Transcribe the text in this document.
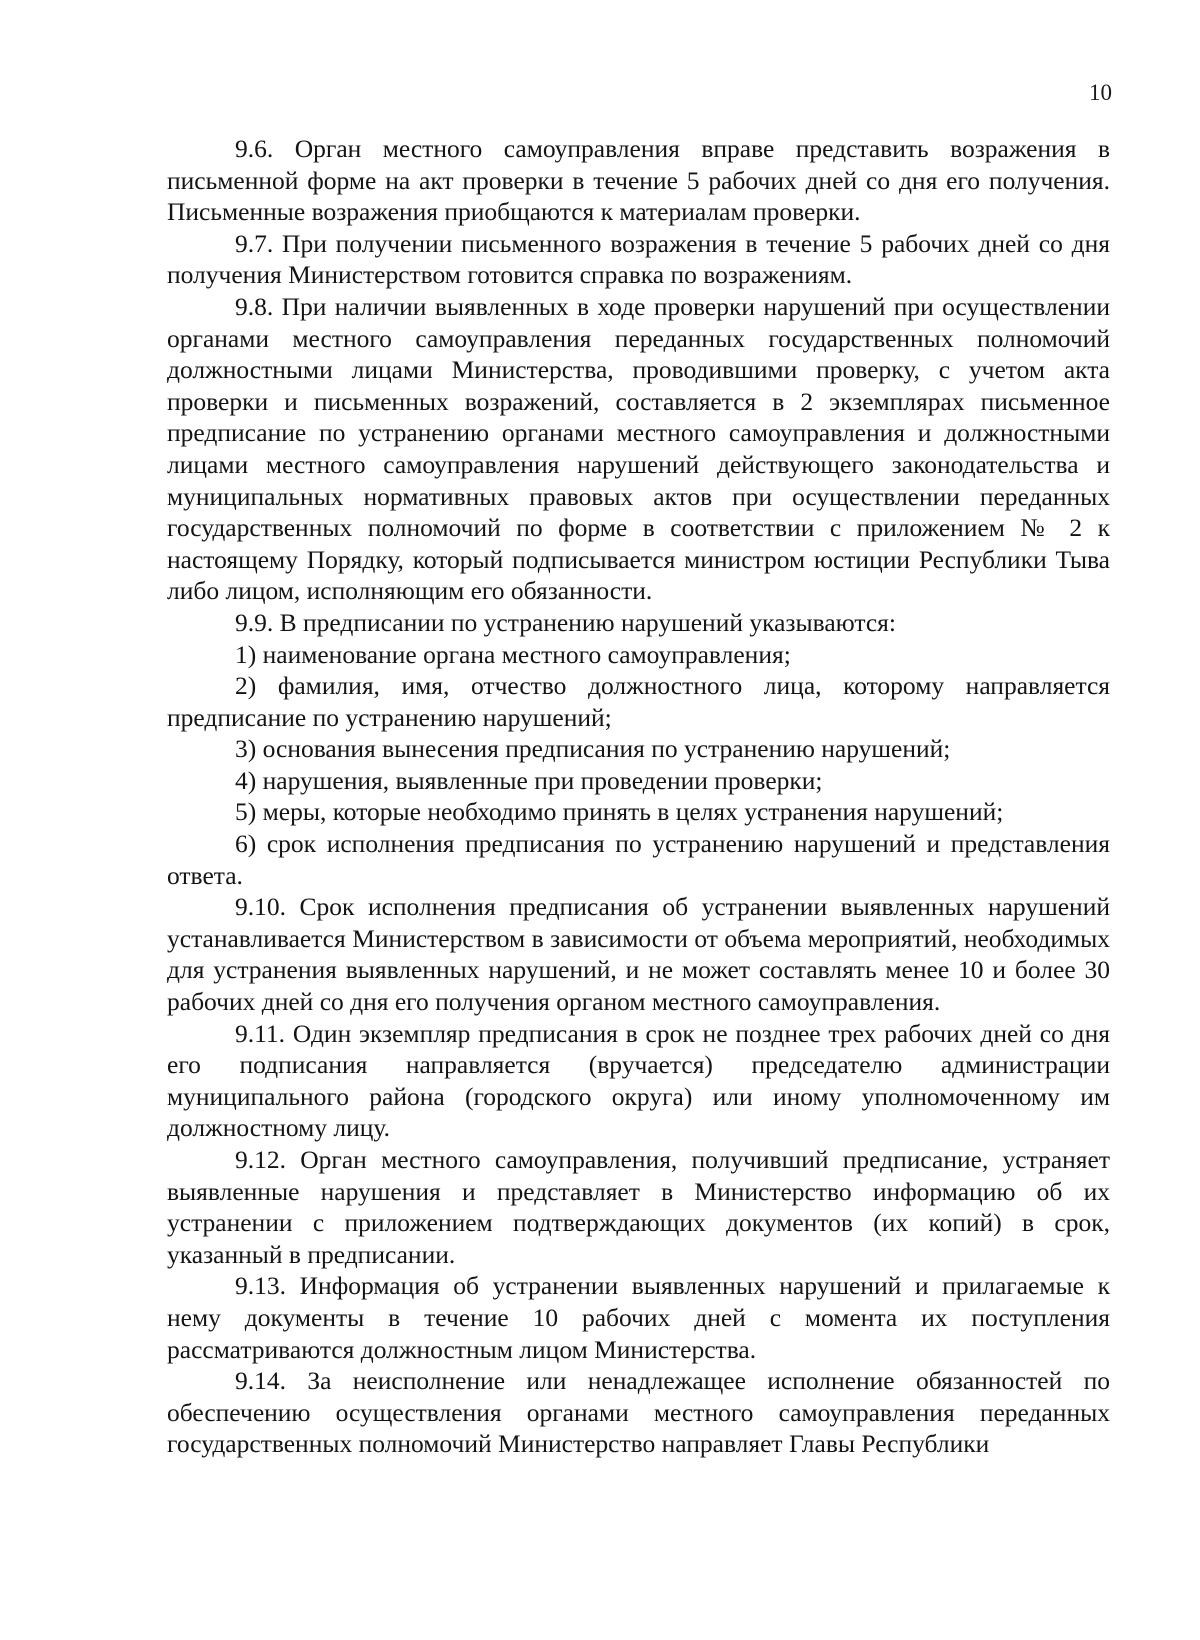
10

9.6. Орган местного самоуправления вправе представить возражения в письменной форме на акт проверки в течение 5 рабочих дней со дня его получения. Письменные возражения приобщаются к материалам проверки.

9.7. При получении письменного возражения в течение 5 рабочих дней со дня получения Министерством готовится справка по возражениям.

9.8. При наличии выявленных в ходе проверки нарушений при осуществлении органами местного самоуправления переданных государственных полномочий должностными лицами Министерства, проводившими проверку, с учетом акта проверки и письменных возражений, составляется в 2 экземплярах письменное предписание по устранению органами местного самоуправления и должностными лицами местного самоуправления нарушений действующего законодательства и муниципальных нормативных правовых актов при осуществлении переданных государственных полномочий по форме в соответствии с приложением № 2 к настоящему Порядку, который подписывается министром юстиции Республики Тыва либо лицом, исполняющим его обязанности.

9.9. В предписании по устранению нарушений указываются:

1) наименование органа местного самоуправления;

2) фамилия, имя, отчество должностного лица, которому направляется предписание по устранению нарушений;

3) основания вынесения предписания по устранению нарушений;

4) нарушения, выявленные при проведении проверки;

5) меры, которые необходимо принять в целях устранения нарушений;

6) срок исполнения предписания по устранению нарушений и представления ответа.

9.10. Срок исполнения предписания об устранении выявленных нарушений устанавливается Министерством в зависимости от объема мероприятий, необходимых для устранения выявленных нарушений, и не может составлять менее 10 и более 30 рабочих дней со дня его получения органом местного самоуправления.

9.11. Один экземпляр предписания в срок не позднее трех рабочих дней со дня его подписания направляется (вручается) председателю администрации муниципального района (городского округа) или иному уполномоченному им должностному лицу.

9.12. Орган местного самоуправления, получивший предписание, устраняет выявленные нарушения и представляет в Министерство информацию об их устранении с приложением подтверждающих документов (их копий) в срок, указанный в предписании.

9.13. Информация об устранении выявленных нарушений и прилагаемые к нему документы в течение 10 рабочих дней с момента их поступления рассматриваются должностным лицом Министерства.

9.14. За неисполнение или ненадлежащее исполнение обязанностей по обеспечению осуществления органами местного самоуправления переданных государственных полномочий Министерство направляет Главы Республики
